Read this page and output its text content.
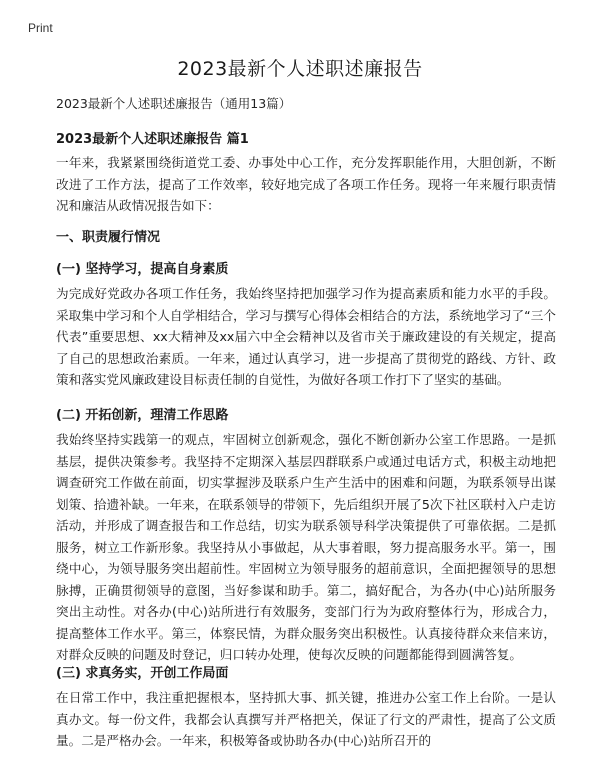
Print
2023最新个人述职述廉报告
2023最新个人述职述廉报告（通用13篇）
2023最新个人述职述廉报告 篇1

一年来，我紧紧围绕街道党工委、办事处中心工作，充分发挥职能作用，大胆创新，不断改进了工作方法，提高了工作效率，较好地完成了各项工作任务。现将一年来履行职责情况和廉洁从政情况报告如下：

一、职责履行情况
(一) 坚持学习，提高自身素质

为完成好党政办各项工作任务，我始终坚持把加强学习作为提高素质和能力水平的手段。采取集中学习和个人自学相结合，学习与撰写心得体会相结合的方法，系统地学习了“三个代表”重要思想、xx大精神及xx届六中全会精神以及省市关于廉政建设的有关规定，提高了自己的思想政治素质。一年来，通过认真学习，进一步提高了贯彻党的路线、方针、政策和落实党风廉政建设目标责任制的自觉性，为做好各项工作打下了坚实的基础。

(二) 开拓创新，理清工作思路

我始终坚持实践第一的观点，牢固树立创新观念，强化不断创新办公室工作思路。一是抓基层，提供决策参考。我坚持不定期深入基层四群联系户或通过电话方式，积极主动地把调查研究工作做在前面，切实掌握涉及联系户生产生活中的困难和问题，为联系领导出谋划策、拾遗补缺。一年来，在联系领导的带领下，先后组织开展了5次下社区联村入户走访活动，并形成了调查报告和工作总结，切实为联系领导科学决策提供了可靠依据。二是抓服务，树立工作新形象。我坚持从小事做起，从大事着眼，努力提高服务水平。第一，围绕中心，为领导服务突出超前性。牢固树立为领导服务的超前意识，全面把握领导的思想脉搏，正确贯彻领导的意图，当好参谋和助手。第二，搞好配合，为各办(中心)站所服务突出主动性。对各办(中心)站所进行有效服务，变部门行为为政府整体行为，形成合力，提高整体工作水平。第三，体察民情，为群众服务突出积极性。认真接待群众来信来访，对群众反映的问题及时登记，归口转办处理，使每次反映的问题都能得到圆满答复。

(三) 求真务实，开创工作局面

在日常工作中，我注重把握根本，坚持抓大事、抓关键，推进办公室工作上台阶。一是认真办文。每一份文件，我都会认真撰写并严格把关，保证了行文的严肃性，提高了公文质量。二是严格办会。一年来，积极筹备或协助各办(中心)站所召开的
